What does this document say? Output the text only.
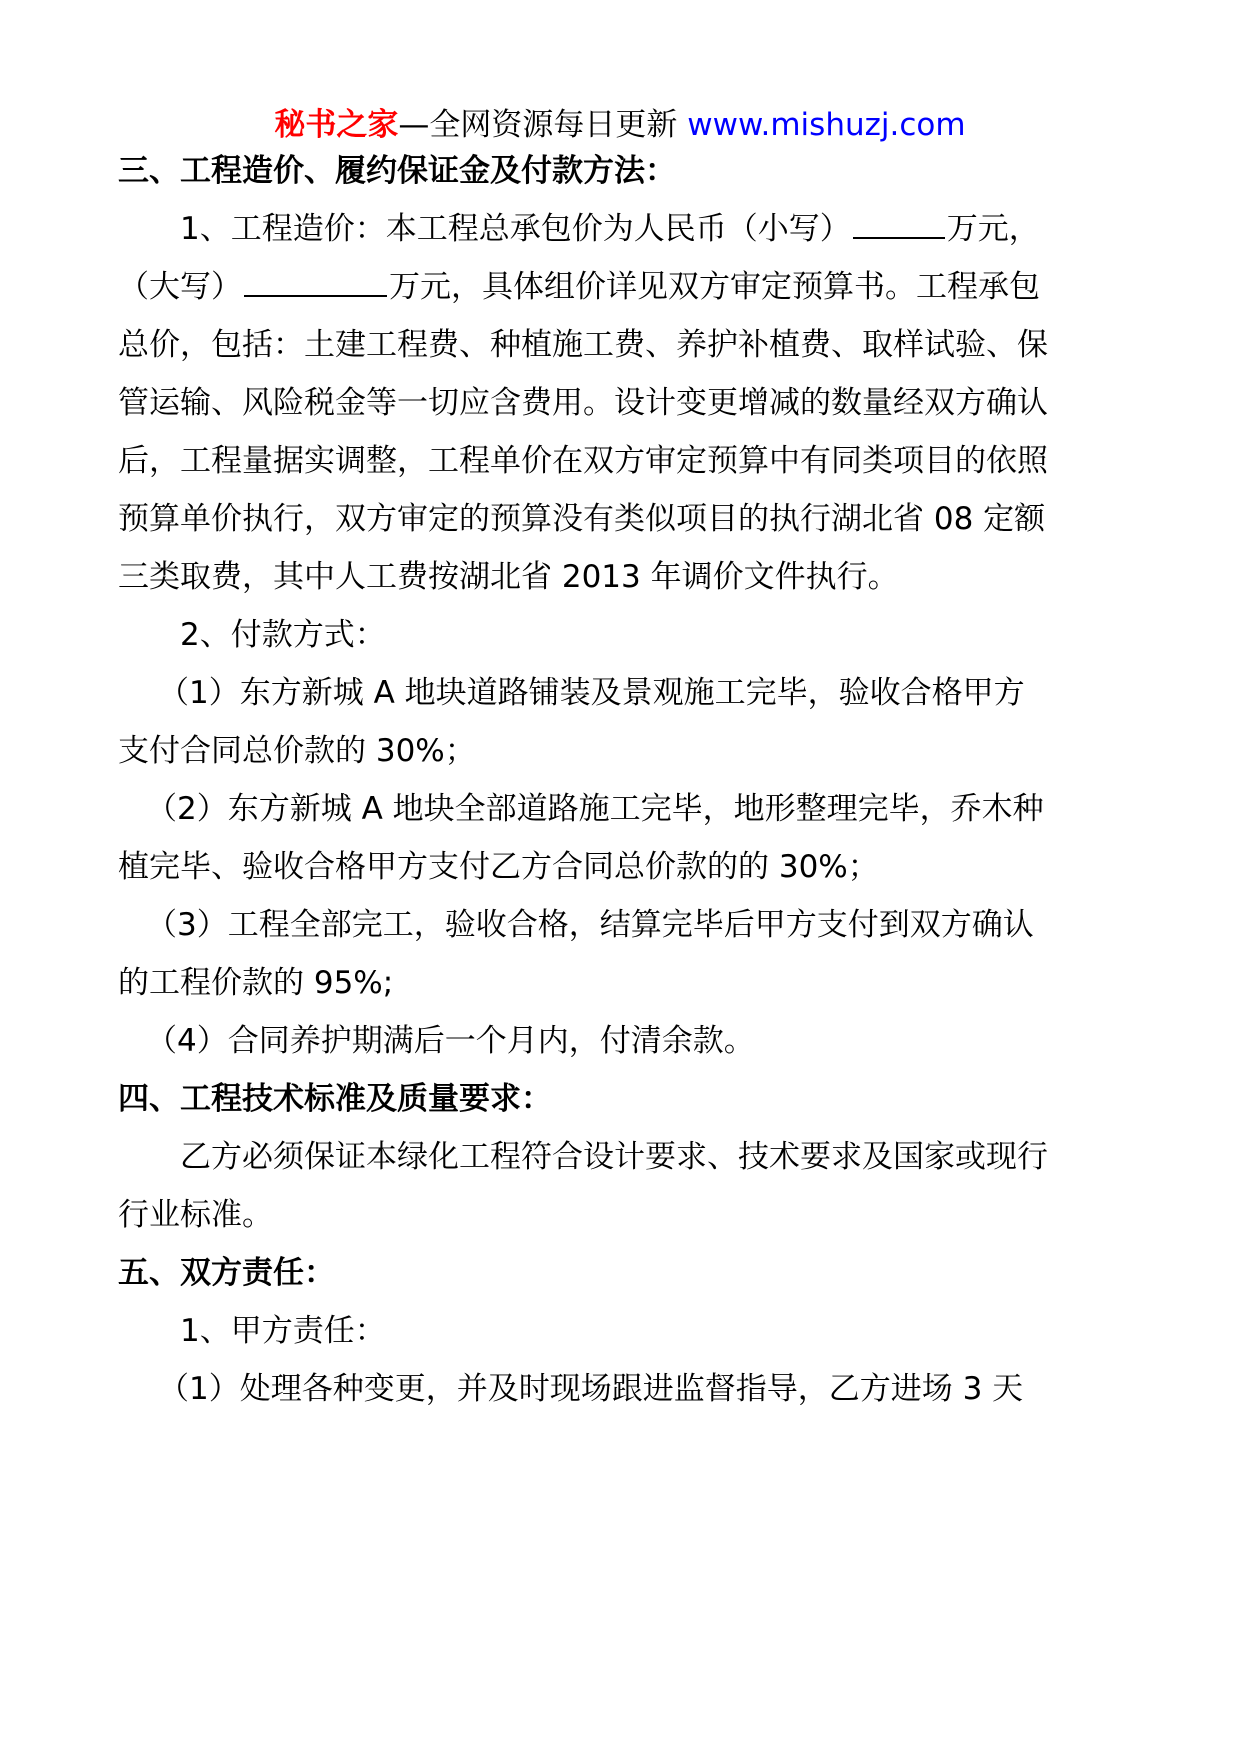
秘书之家—全网资源每日更新 www.mishuzj.com
三、工程造价、履约保证金及付款方法：
1、工程造价：本工程总承包价为人民币（小写）	万元，
（大写）	万元，具体组价详见双方审定预算书。工程承包
总价，包括：土建工程费、种植施工费、养护补植费、取样试验、保
管运输、风险税金等一切应含费用。设计变更增减的数量经双方确认
后，工程量据实调整，工程单价在双方审定预算中有同类项目的依照
预算单价执行，双方审定的预算没有类似项目的执行湖北省 08 定额
三类取费，其中人工费按湖北省 2013 年调价文件执行。
2、付款方式：
（1）东方新城 A 地块道路铺装及景观施工完毕，验收合格甲方
支付合同总价款的 30%；
（2）东方新城 A 地块全部道路施工完毕，地形整理完毕，乔木种
植完毕、验收合格甲方支付乙方合同总价款的的 30%；
（3）工程全部完工，验收合格，结算完毕后甲方支付到双方确认
的工程价款的 95%;
（4）合同养护期满后一个月内，付清余款。
四、工程技术标准及质量要求：
乙方必须保证本绿化工程符合设计要求、技术要求及国家或现行
行业标准。
五、双方责任：
1、甲方责任：
（1）处理各种变更，并及时现场跟进监督指导，乙方进场 3 天
